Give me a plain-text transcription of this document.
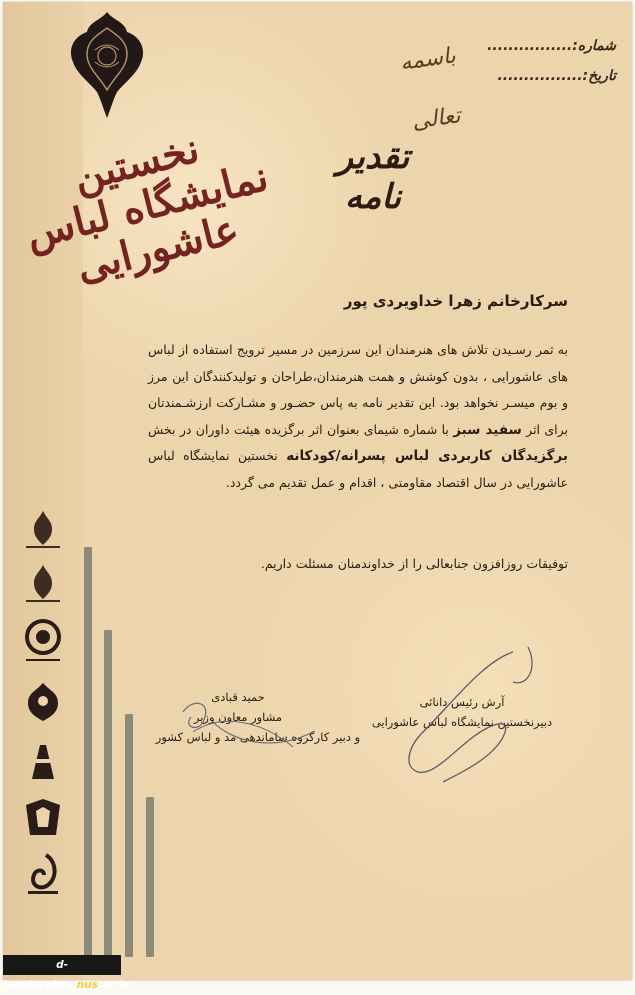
شماره:................
تاریخ:................
باسمه تعالی
نخستین نمایشگاه لباس عاشورایی
تقدیر نامه
سرکارخانم زهرا خداویردی پور
به ثمر رسـیدن تلاش های هنرمندان این سرزمین در مسیر ترویج استفاده از لباس های عاشورایی ، بدون کوشش و همت هنرمندان،طراحان و تولیدکنندگان این مرز و بوم میسـر نخواهد بود. این تقدیر نامه به پاس حضـور و مشـارکت ارزشـمندتان برای اثر سفید سبز با شماره شیمای بعنوان اثر برگزیده هیئت داوران در بخش برگزیدگان کاربردی لباس پسرانه/کودکانه نخستین نمایشگاه لباس عاشورایی در سال اقتصاد مقاومتی ، اقدام و عمل تقدیم می گردد.
توفیقات روزافزون جنابعالی را از خداوندمنان مسئلت داریم.
آرش رئیس دانائی
دبیرنخستین نمایشگاه لباس عاشورایی
حمید قبادی
مشاور معاون وزیر
و دبیر کارگروه ساماندهی مد و لباس کشور
d-bandarabas.nus.ac.ir
